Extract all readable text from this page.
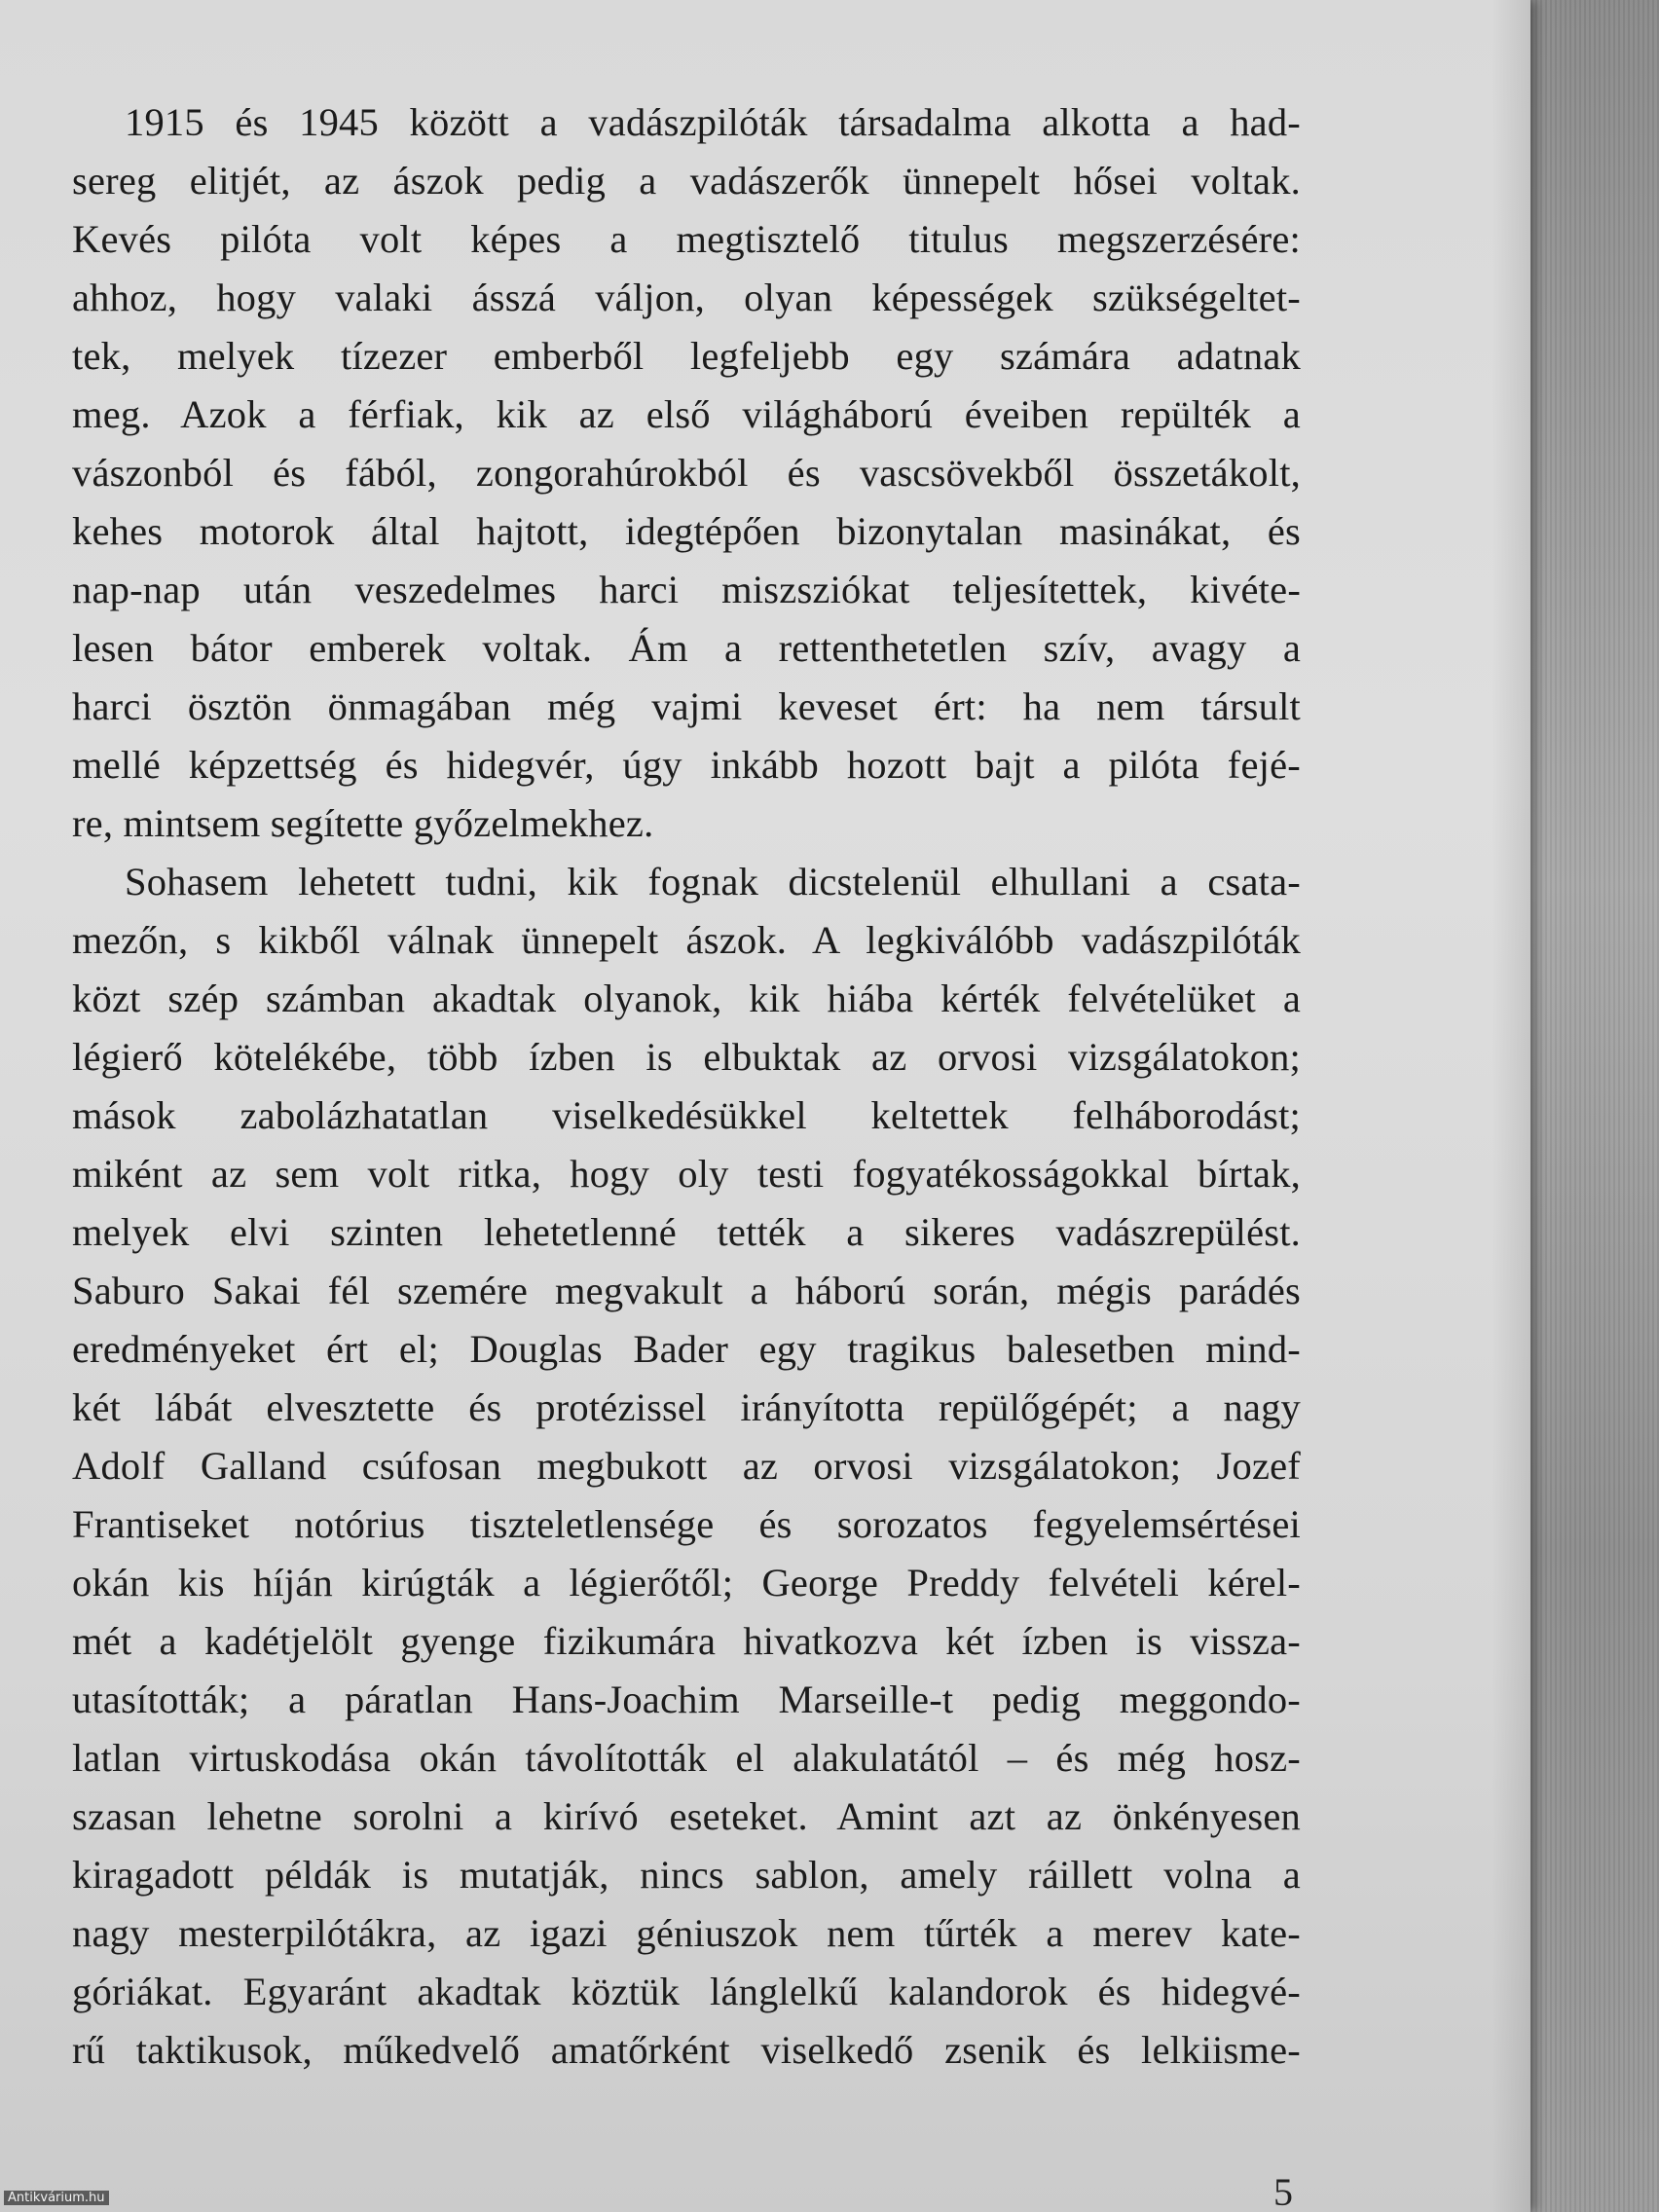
1915 és 1945 között a vadászpilóták társadalma alkotta a had-
sereg elitjét, az ászok pedig a vadászerők ünnepelt hősei voltak.
Kevés pilóta volt képes a megtisztelő titulus megszerzésére:
ahhoz, hogy valaki ásszá váljon, olyan képességek szükségeltet-
tek, melyek tízezer emberből legfeljebb egy számára adatnak
meg. Azok a férfiak, kik az első világháború éveiben repülték a
vászonból és fából, zongorahúrokból és vascsövekből összetákolt,
kehes motorok által hajtott, idegtépően bizonytalan masinákat, és
nap-nap után veszedelmes harci miszsziókat teljesítettek, kivéte-
lesen bátor emberek voltak. Ám a rettenthetetlen szív, avagy a
harci ösztön önmagában még vajmi keveset ért: ha nem társult
mellé képzettség és hidegvér, úgy inkább hozott bajt a pilóta fejé-
re, mintsem segítette győzelmekhez.
Sohasem lehetett tudni, kik fognak dicstelenül elhullani a csata-
mezőn, s kikből válnak ünnepelt ászok. A legkiválóbb vadászpilóták
közt szép számban akadtak olyanok, kik hiába kérték felvételüket a
légierő kötelékébe, több ízben is elbuktak az orvosi vizsgálatokon;
mások zabolázhatatlan viselkedésükkel keltettek felháborodást;
miként az sem volt ritka, hogy oly testi fogyatékosságokkal bírtak,
melyek elvi szinten lehetetlenné tették a sikeres vadászrepülést.
Saburo Sakai fél szemére megvakult a háború során, mégis parádés
eredményeket ért el; Douglas Bader egy tragikus balesetben mind-
két lábát elvesztette és protézissel irányította repülőgépét; a nagy
Adolf Galland csúfosan megbukott az orvosi vizsgálatokon; Jozef
Frantiseket notórius tiszteletlensége és sorozatos fegyelemsértései
okán kis híján kirúgták a légierőtől; George Preddy felvételi kérel-
mét a kadétjelölt gyenge fizikumára hivatkozva két ízben is vissza-
utasították; a páratlan Hans-Joachim Marseille-t pedig meggondo-
latlan virtuskodása okán távolították el alakulatától – és még hosz-
szasan lehetne sorolni a kirívó eseteket. Amint azt az önkényesen
kiragadott példák is mutatják, nincs sablon, amely ráillett volna a
nagy mesterpilótákra, az igazi géniuszok nem tűrték a merev kate-
góriákat. Egyaránt akadtak köztük lánglelkű kalandorok és hidegvé-
rű taktikusok, műkedvelő amatőrként viselkedő zsenik és lelkiisme-
5
Antikvárium.hu
